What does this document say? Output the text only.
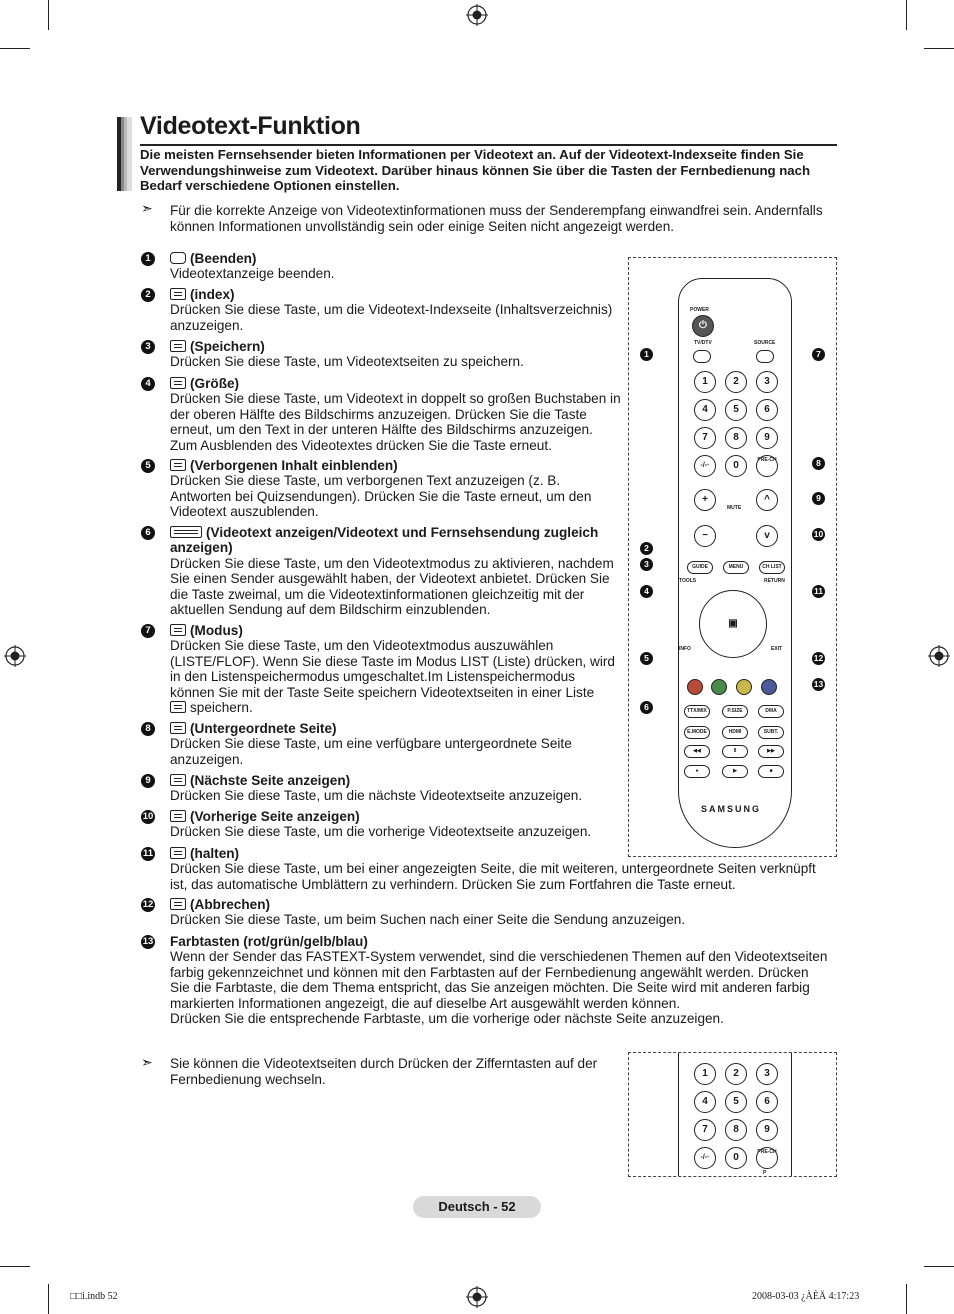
Videotext-Funktion
Die meisten Fernsehsender bieten Informationen per Videotext an. Auf der Videotext-Indexseite finden Sie Verwendungshinweise zum Videotext. Darüber hinaus können Sie über die Tasten der Fernbedienung nach Bedarf verschiedene Optionen einstellen.
➣ Für die korrekte Anzeige von Videotextinformationen muss der Senderempfang einwandfrei sein. Andernfalls können Informationen unvollständig sein oder einige Seiten nicht angezeigt werden.
1	(Beenden)
Videotextanzeige beenden.
2	(index)
Drücken Sie diese Taste, um die Videotext-Indexseite (Inhaltsverzeichnis) anzuzeigen.
3	(Speichern)
Drücken Sie diese Taste, um Videotextseiten zu speichern.
4	(Größe)
Drücken Sie diese Taste, um Videotext in doppelt so großen Buchstaben in der oberen Hälfte des Bildschirms anzuzeigen. Drücken Sie die Taste erneut, um den Text in der unteren Hälfte des Bildschirms anzuzeigen. Zum Ausblenden des Videotextes drücken Sie die Taste erneut.
5	(Verborgenen Inhalt einblenden)
Drücken Sie diese Taste, um verborgenen Text anzuzeigen (z. B. Antworten bei Quizsendungen). Drücken Sie die Taste erneut, um den Videotext auszublenden.
6	(Videotext anzeigen/Videotext und Fernsehsendung zugleich anzeigen)
Drücken Sie diese Taste, um den Videotextmodus zu aktivieren, nachdem Sie einen Sender ausgewählt haben, der Videotext anbietet. Drücken Sie die Taste zweimal, um die Videotextinformationen gleichzeitig mit der aktuellen Sendung auf dem Bildschirm einzublenden.
7	(Modus)
Drücken Sie diese Taste, um den Videotextmodus auszuwählen (LISTE/FLOF). Wenn Sie diese Taste im Modus LIST (Liste) drücken, wird in den Listenspeichermodus umgeschaltet.Im Listenspeichermodus können Sie mit der Taste Seite speichern Videotextseiten in einer Liste
speichern.
8	(Untergeordnete Seite)
Drücken Sie diese Taste, um eine verfügbare untergeordnete Seite anzuzeigen.
9	(Nächste Seite anzeigen)
Drücken Sie diese Taste, um die nächste Videotextseite anzuzeigen.
10	(Vorherige Seite anzeigen)
Drücken Sie diese Taste, um die vorherige Videotextseite anzuzeigen.
11	(halten)
Drücken Sie diese Taste, um bei einer angezeigten Seite, die mit weiteren, untergeordnete Seiten verknüpft ist, das automatische Umblättern zu verhindern. Drücken Sie zum Fortfahren die Taste erneut.
12	(Abbrechen)
Drücken Sie diese Taste, um beim Suchen nach einer Seite die Sendung anzuzeigen.
13 Farbtasten (rot/grün/gelb/blau)
Wenn der Sender das FASTEXT-System verwendet, sind die verschiedenen Themen auf den Videotextseiten farbig gekennzeichnet und können mit den Farbtasten auf der Fernbedienung angewählt werden. Drücken Sie die Farbtaste, die dem Thema entspricht, das Sie anzeigen möchten. Die Seite wird mit anderen farbig markierten Informationen angezeigt, die auf dieselbe Art ausgewählt werden können.
Drücken Sie die entsprechende Farbtaste, um die vorherige oder nächste Seite anzuzeigen.
POWER
⏻
TV/DTV	SOURCE
1	2	3
4	5	6
7	8	9
-/-·	0	PRE-CH
+	^
MUTE
−	v
GUIDE	MENU	CH LIST
TOOLS	RETURN
▣
INFO	EXIT
TTX/MIX	P.SIZE	DMA
E.MODE	HDMI	SUBT.
◀◀	II	▶▶
●	▶	■
SAMSUNG
1	7
8
9
10
2
3
4	11
5	12
13
6
➣ Sie können die Videotextseiten durch Drücken der Zifferntasten auf der Fernbedienung wechseln.	1	2	3
4	5	6
7	8	9
-/-·	0	PRE-CH
P
Deutsch - 52
□□i.indb 52	2008-03-03 ¿ÀÈÄ 4:17:23
